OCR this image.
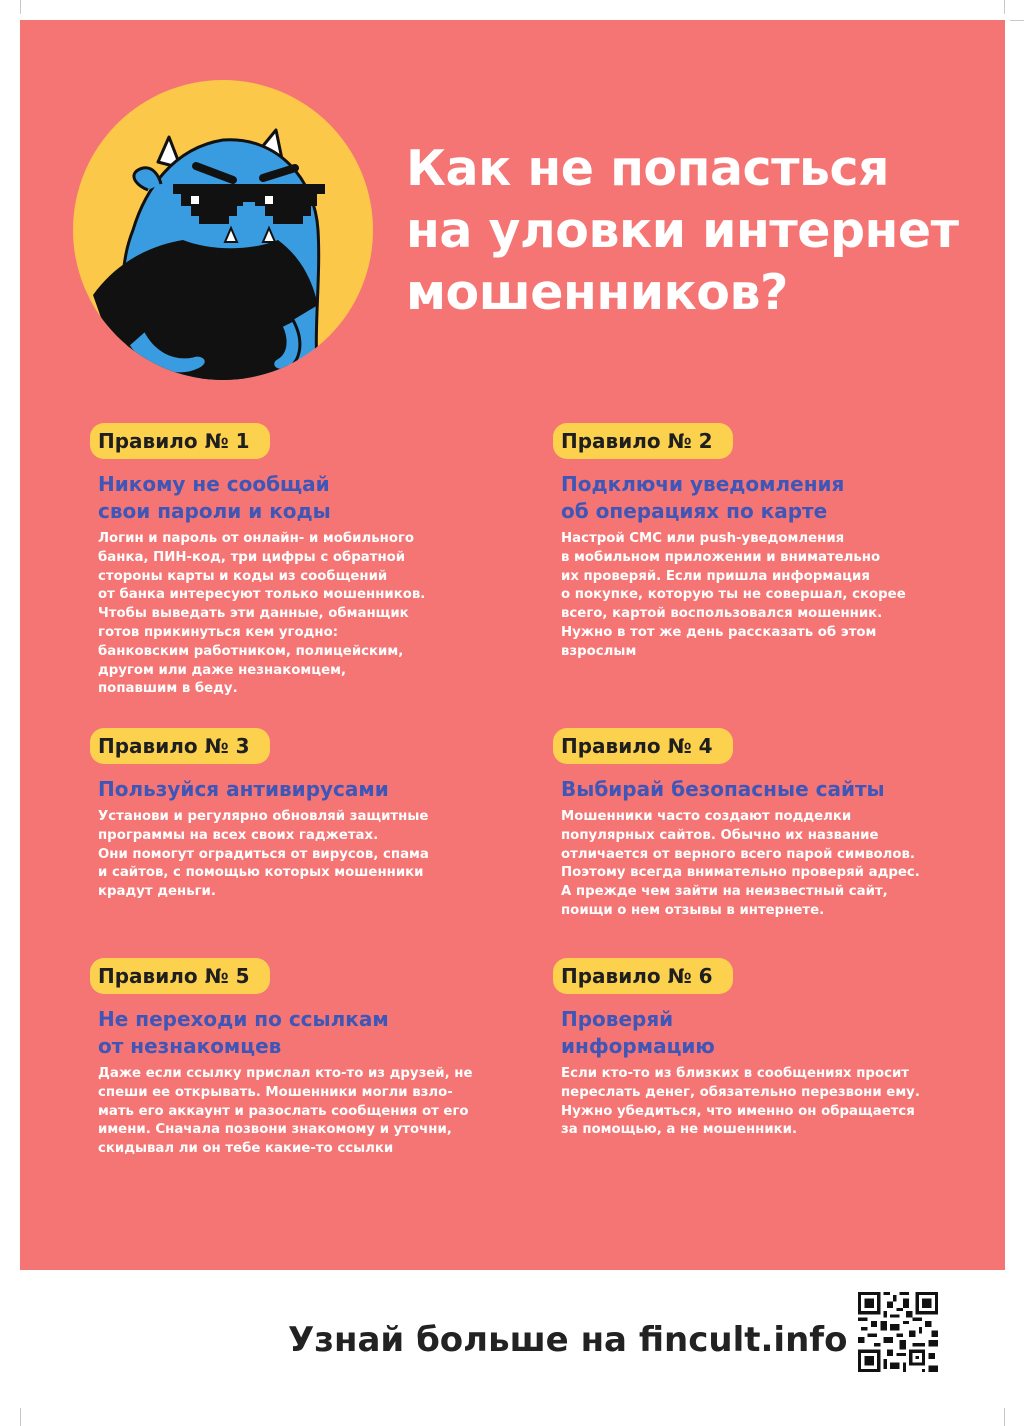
Как не попасться
на уловки интернет
мошенников?
Правило № 1
Никому не сообщай
свои пароли и коды
Логин и пароль от онлайн- и мобильного
банка, ПИН-код, три цифры с обратной
стороны карты и коды из сообщений
от банка интересуют только мошенников.
Чтобы выведать эти данные, обманщик
готов прикинуться кем угодно:
банковским работником, полицейским,
другом или даже незнакомцем,
попавшим в беду.
Правило № 2
Подключи уведомления
об операциях по карте
Настрой СМС или push-уведомления
в мобильном приложении и внимательно
их проверяй. Если пришла информация
о покупке, которую ты не совершал, скорее
всего, картой воспользовался мошенник.
Нужно в тот же день рассказать об этом
взрослым
Правило № 3
Пользуйся антивирусами
Установи и регулярно обновляй защитные
программы на всех своих гаджетах.
Они помогут оградиться от вирусов, спама
и сайтов, с помощью которых мошенники
крадут деньги.
Правило № 4
Выбирай безопасные сайты
Мошенники часто создают подделки
популярных сайтов. Обычно их название
отличается от верного всего парой символов.
Поэтому всегда внимательно проверяй адрес.
А прежде чем зайти на неизвестный сайт,
поищи о нем отзывы в интернете.
Правило № 5
Не переходи по ссылкам
от незнакомцев
Даже если ссылку прислал кто-то из друзей, не
спеши ее открывать. Мошенники могли взло-
мать его аккаунт и разослать сообщения от его
имени. Сначала позвони знакомому и уточни,
скидывал ли он тебе какие-то ссылки
Правило № 6
Проверяй
информацию
Если кто-то из близких в сообщениях просит
переслать денег, обязательно перезвони ему.
Нужно убедиться, что именно он обращается
за помощью, а не мошенники.
Узнай больше на fincult.info
